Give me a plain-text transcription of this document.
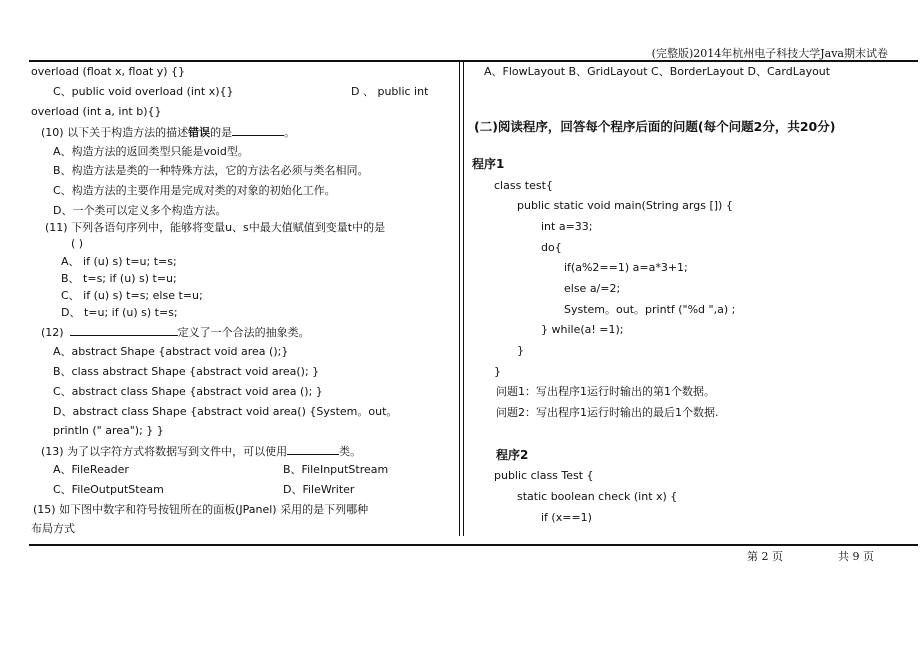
(完整版)2014年杭州电子科技大学Java期末试卷
overload (float x, float y) {}
C、public void overload (int x){}	D 、 public int
overload (int a, int b){}
(10) 以下关于构造方法的描述错误的是	。
A、构造方法的返回类型只能是void型。
B、构造方法是类的一种特殊方法，它的方法名必须与类名相同。
C、构造方法的主要作用是完成对类的对象的初始化工作。
D、一个类可以定义多个构造方法。
(11) 下列各语句序列中，能够将变量u、s中最大值赋值到变量t中的是
( )
A、 if (u) s) t=u; t=s;
B、 t=s; if (u) s) t=u;
C、 if (u) s) t=s; else t=u;
D、 t=u; if (u) s) t=s;
(12)	定义了一个合法的抽象类。
A、abstract Shape {abstract void area ();}
B、class abstract Shape {abstract void area(); }
C、abstract class Shape {abstract void area (); }
D、abstract class Shape {abstract void area() {System。out。
println (" area"); } }
(13) 为了以字符方式将数据写到文件中，可以使用	类。
A、FileReader	B、FileInputStream
C、FileOutputSteam	D、FileWriter
(15) 如下图中数字和符号按钮所在的面板(JPanel) 采用的是下列哪种
布局方式
A、FlowLayout B、GridLayout C、BorderLayout D、CardLayout
(二)阅读程序，回答每个程序后面的问题(每个问题2分，共20分)
程序1
class test{
public static void main(String args []) {
int a=33;
do{
if(a%2==1) a=a*3+1;
else a/=2;
System。out。printf ("%d ",a) ;
} while(a! =1);
}
}
问题1：写出程序1运行时输出的第1个数据。
问题2：写出程序1运行时输出的最后1个数据.
程序2
public class Test {
static boolean check (int x) {
if (x==1)
第 2 页	共 9 页
